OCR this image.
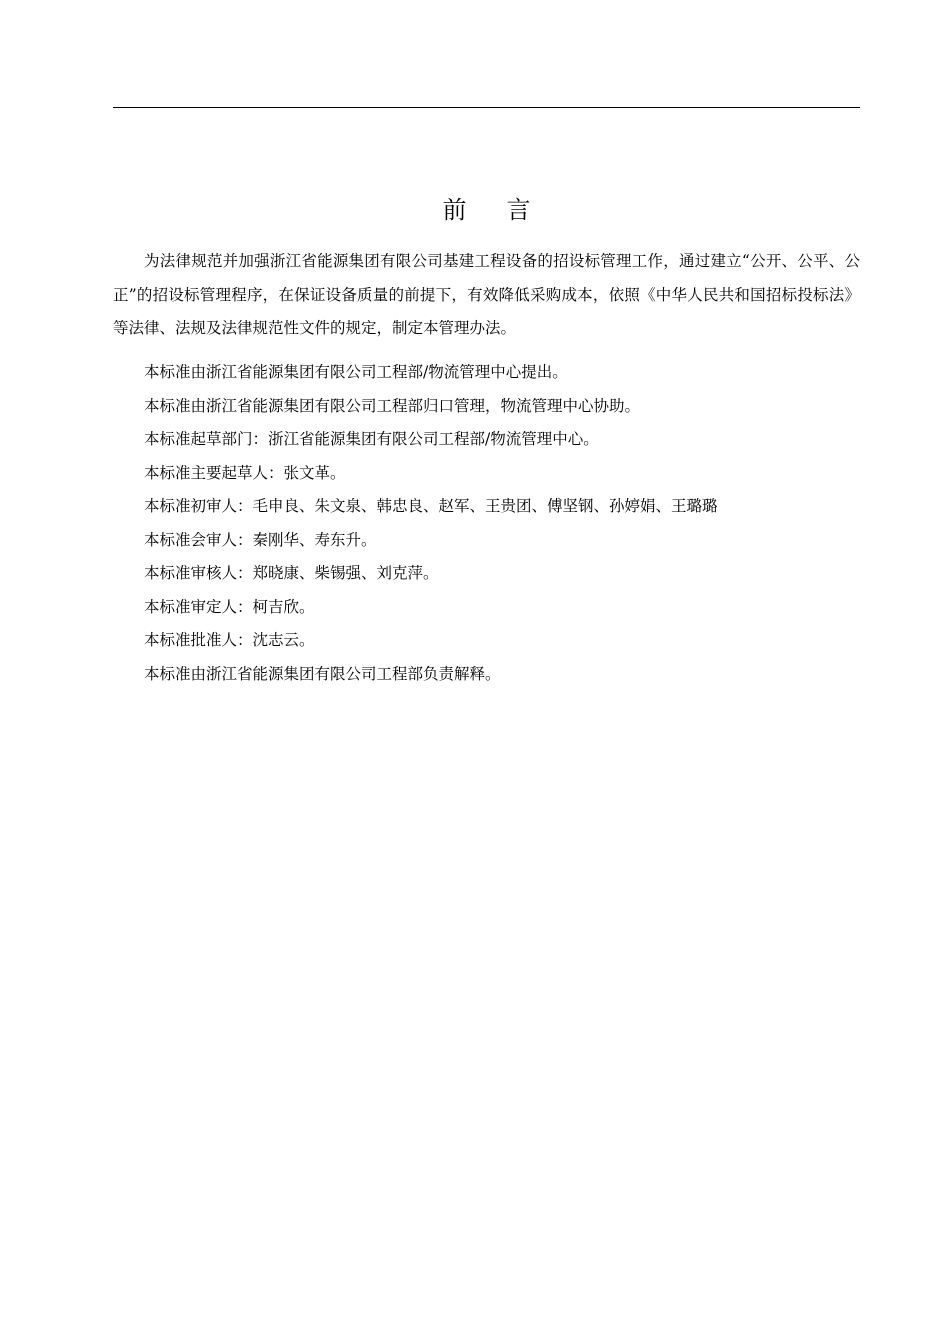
前言

为法律规范并加强浙江省能源集团有限公司基建工程设备的招设标管理工作，通过建立“公开、公平、公正”的招设标管理程序，在保证设备质量的前提下，有效降低采购成本，依照《中华人民共和国招标投标法》等法律、法规及法律规范性文件的规定，制定本管理办法。

本标准由浙江省能源集团有限公司工程部/物流管理中心提出。
本标准由浙江省能源集团有限公司工程部归口管理，物流管理中心协助。
本标准起草部门：浙江省能源集团有限公司工程部/物流管理中心。
本标准主要起草人：张文革。
本标准初审人：毛申良、朱文泉、韩忠良、赵军、王贵团、傅坚钢、孙婷娟、王璐璐
本标准会审人：秦刚华、寿东升。
本标准审核人：郑晓康、柴锡强、刘克萍。
本标准审定人：柯吉欣。
本标准批准人：沈志云。
本标准由浙江省能源集团有限公司工程部负责解释。
